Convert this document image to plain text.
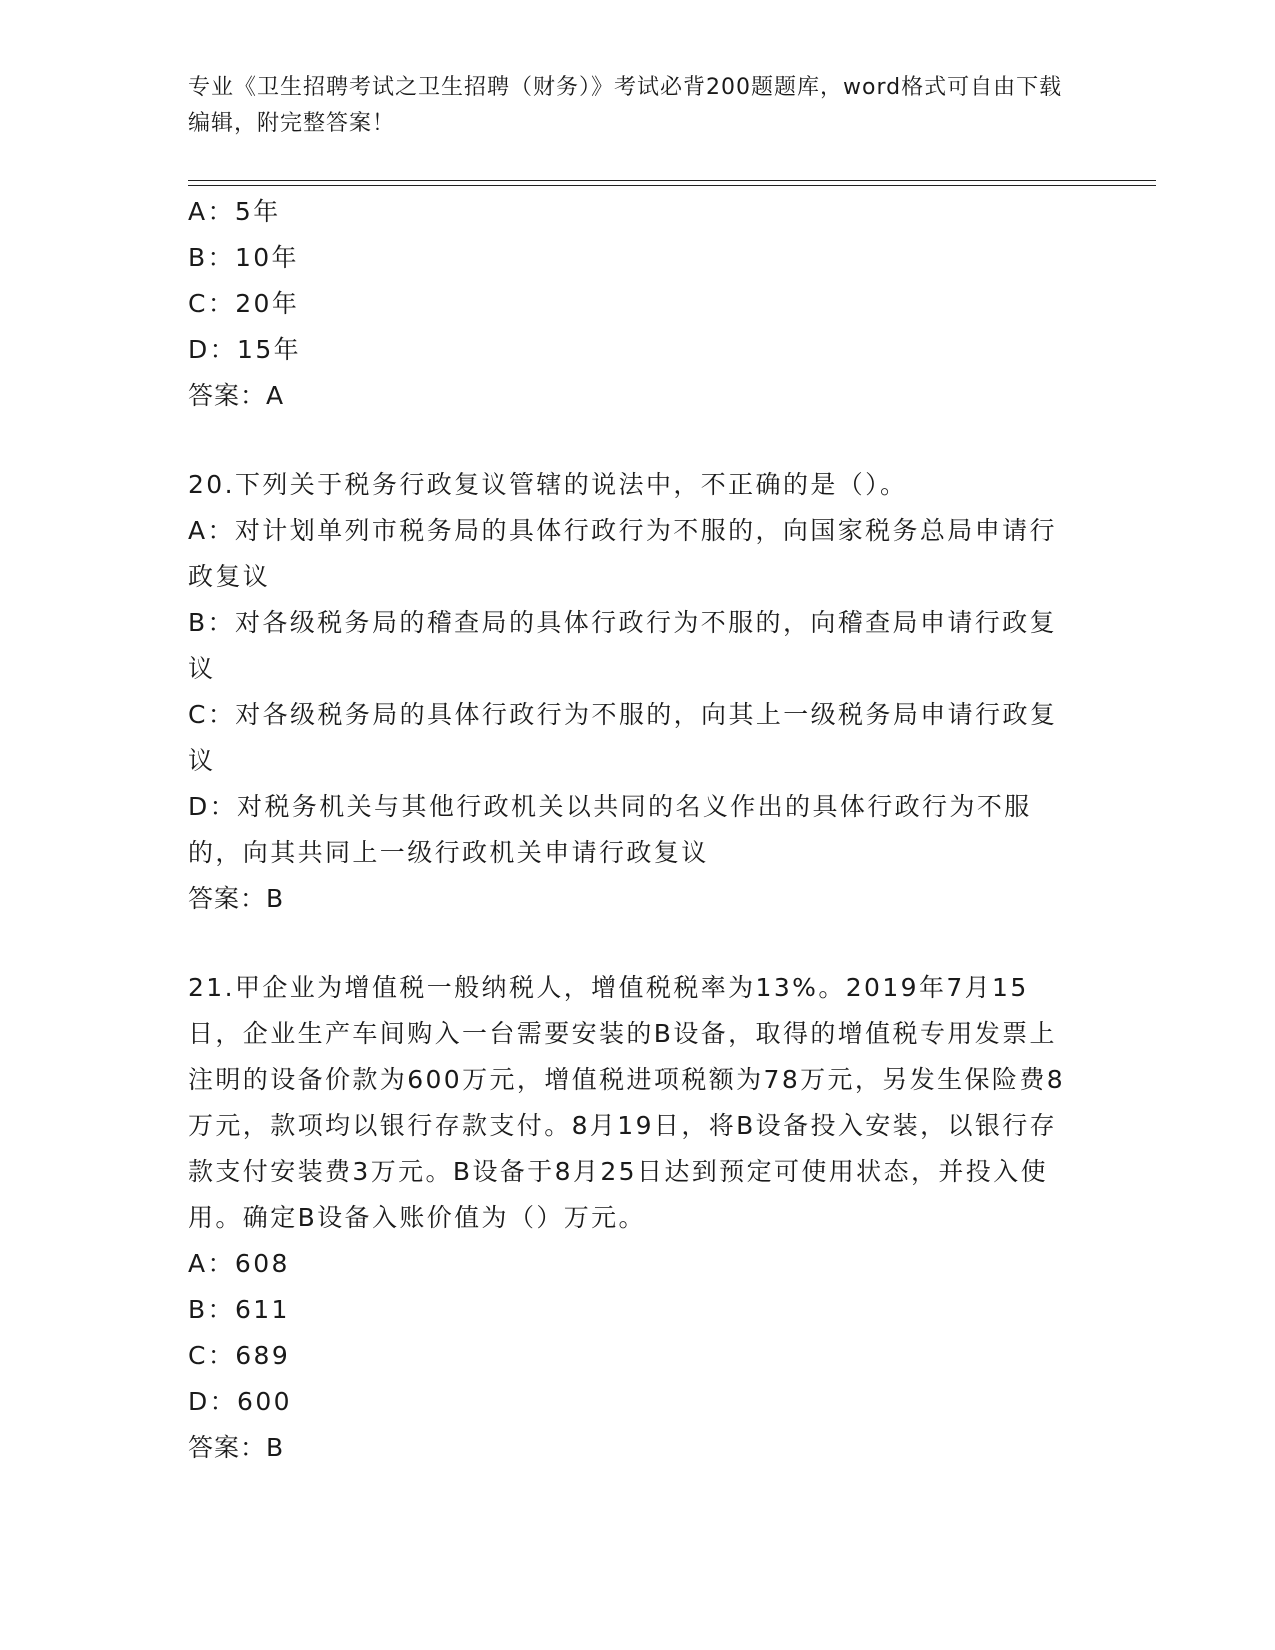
专业《卫生招聘考试之卫生招聘（财务）》考试必背200题题库，word格式可自由下载编辑，附完整答案！

A：5年

B：10年

C：20年

D：15年

答案：A

20.下列关于税务行政复议管辖的说法中，不正确的是（）。

A：对计划单列市税务局的具体行政行为不服的，向国家税务总局申请行政复议

B：对各级税务局的稽查局的具体行政行为不服的，向稽查局申请行政复议

C：对各级税务局的具体行政行为不服的，向其上一级税务局申请行政复议

D：对税务机关与其他行政机关以共同的名义作出的具体行政行为不服的，向其共同上一级行政机关申请行政复议

答案：B

21.甲企业为增值税一般纳税人，增值税税率为13%。2019年7月15日，企业生产车间购入一台需要安装的B设备，取得的增值税专用发票上注明的设备价款为600万元，增值税进项税额为78万元，另发生保险费8万元，款项均以银行存款支付。8月19日，将B设备投入安装，以银行存款支付安装费3万元。B设备于8月25日达到预定可使用状态，并投入使用。确定B设备入账价值为（）万元。

A：608

B：611

C：689

D：600

答案：B
